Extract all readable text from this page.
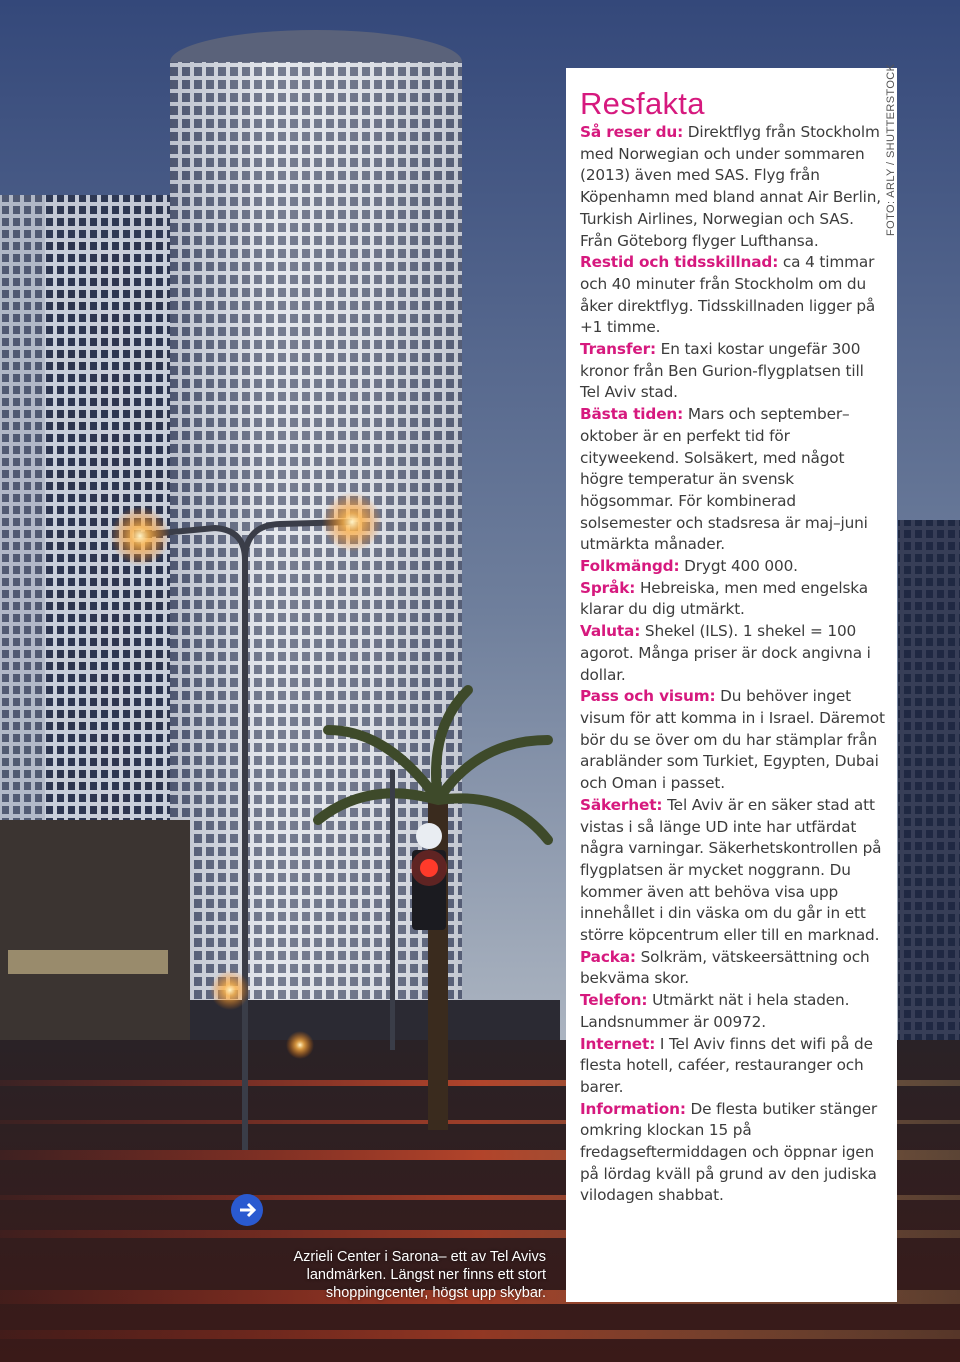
Resfakta
Så reser du: Direktflyg från Stockholm med Norwegian och under sommaren (2013) även med SAS. Flyg från Köpenhamn med bland annat Air Berlin, Turkish Airlines, Norwegian och SAS. Från Göteborg flyger Lufthansa.
Restid och tidsskillnad: ca 4 timmar och 40 minuter från Stockholm om du åker direktflyg. Tidsskillnaden ligger på +1 timme.
Transfer: En taxi kostar ungefär 300 kronor från Ben Gurion-flygplatsen till Tel Aviv stad.
Bästa tiden: Mars och september–oktober är en perfekt tid för cityweekend. Solsäkert, med något högre temperatur än svensk högsommar. För kombinerad solsemester och stadsresa är maj–juni utmärkta månader.
Folkmängd: Drygt 400 000.
Språk: Hebreiska, men med engelska klarar du dig utmärkt.
Valuta: Shekel (ILS). 1 shekel = 100 agorot. Många priser är dock angivna i dollar.
Pass och visum: Du behöver inget visum för att komma in i Israel. Däremot bör du se över om du har stämplar från arabländer som Turkiet, Egypten, Dubai och Oman i passet.
Säkerhet: Tel Aviv är en säker stad att vistas i så länge UD inte har utfärdat några varningar. Säkerhetskontrollen på flygplatsen är mycket noggrann. Du kommer även att behöva visa upp innehållet i din väska om du går in ett större köpcentrum eller till en marknad.
Packa: Solkräm, vätskeersättning och bekväma skor.
Telefon: Utmärkt nät i hela staden. Landsnummer är 00972.
Internet: I Tel Aviv finns det wifi på de flesta hotell, caféer, restauranger och barer.
Information: De flesta butiker stänger omkring klockan 15 på fredagseftermiddagen och öppnar igen på lördag kväll på grund av den judiska vilodagen shabbat.
FOTO: ARLY / SHUTTERSTOCK
Azrieli Center i Sarona– ett av Tel Avivs landmärken. Längst ner finns ett stort shoppingcenter, högst upp skybar.
